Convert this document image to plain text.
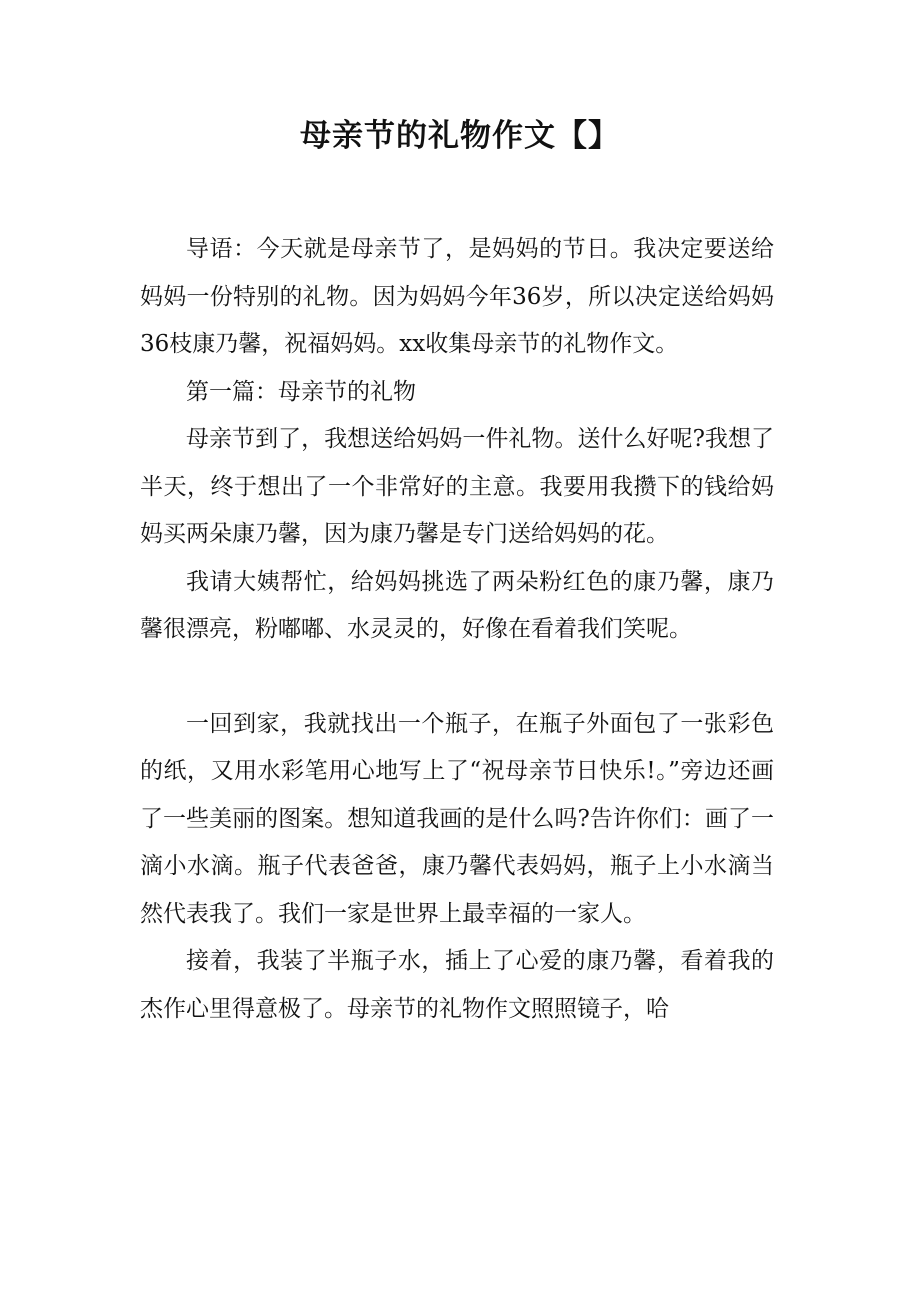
母亲节的礼物作文【】

导语：今天就是母亲节了，是妈妈的节日。我决定要送给妈妈一份特别的礼物。因为妈妈今年36岁，所以决定送给妈妈36枝康乃馨，祝福妈妈。xx收集母亲节的礼物作文。

第一篇：母亲节的礼物

母亲节到了，我想送给妈妈一件礼物。送什么好呢?我想了半天，终于想出了一个非常好的主意。我要用我攒下的钱给妈妈买两朵康乃馨，因为康乃馨是专门送给妈妈的花。

我请大姨帮忙，给妈妈挑选了两朵粉红色的康乃馨，康乃馨很漂亮，粉嘟嘟、水灵灵的，好像在看着我们笑呢。

一回到家，我就找出一个瓶子，在瓶子外面包了一张彩色的纸，又用水彩笔用心地写上了“祝母亲节日快乐!。”旁边还画了一些美丽的图案。想知道我画的是什么吗?告许你们：画了一滴小水滴。瓶子代表爸爸，康乃馨代表妈妈，瓶子上小水滴当然代表我了。我们一家是世界上最幸福的一家人。

接着，我装了半瓶子水，插上了心爱的康乃馨，看着我的杰作心里得意极了。母亲节的礼物作文照照镜子，哈
